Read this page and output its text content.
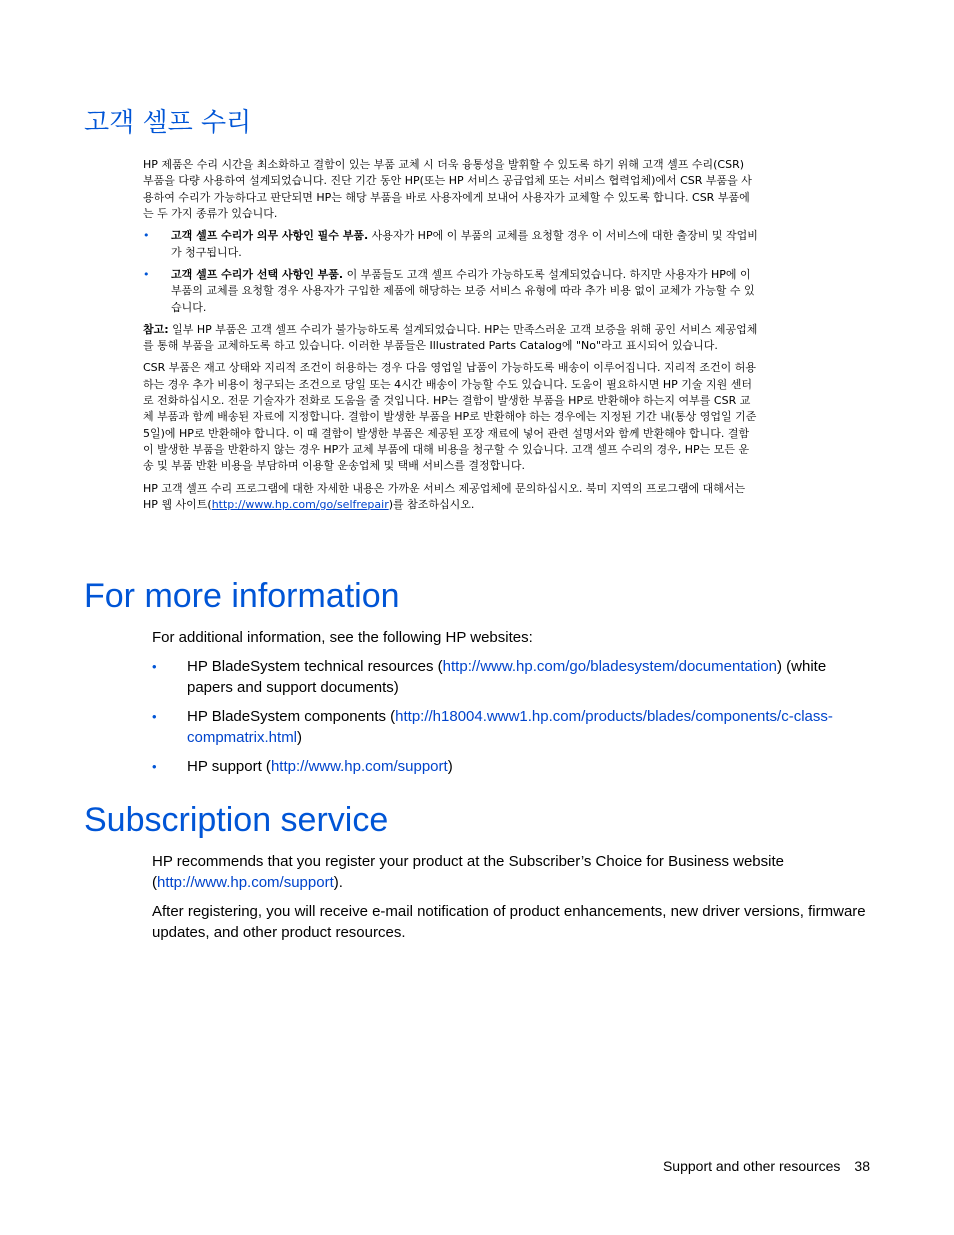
고객 셀프 수리

HP 제품은 수리 시간을 최소화하고 결함이 있는 부품 교체 시 더욱 융통성을 발휘할 수 있도록 하기 위해 고객 셀프 수리(CSR) 부품을 다량 사용하여 설계되었습니다. 진단 기간 동안 HP(또는 HP 서비스 공급업체 또는 서비스 협력업체)에서 CSR 부품을 사용하여 수리가 가능하다고 판단되면 HP는 해당 부품을 바로 사용자에게 보내어 사용자가 교체할 수 있도록 합니다. CSR 부품에는 두 가지 종류가 있습니다.

• 고객 셀프 수리가 의무 사항인 필수 부품. 사용자가 HP에 이 부품의 교체를 요청할 경우 이 서비스에 대한 출장비 및 작업비가 청구됩니다.
• 고객 셀프 수리가 선택 사항인 부품. 이 부품들도 고객 셀프 수리가 가능하도록 설계되었습니다. 하지만 사용자가 HP에 이 부품의 교체를 요청할 경우 사용자가 구입한 제품에 해당하는 보증 서비스 유형에 따라 추가 비용 없이 교체가 가능할 수 있습니다.

참고: 일부 HP 부품은 고객 셀프 수리가 불가능하도록 설계되었습니다. HP는 만족스러운 고객 보증을 위해 공인 서비스 제공업체를 통해 부품을 교체하도록 하고 있습니다. 이러한 부품들은 Illustrated Parts Catalog에 "No"라고 표시되어 있습니다.

CSR 부품은 재고 상태와 지리적 조건이 허용하는 경우 다음 영업일 납품이 가능하도록 배송이 이루어집니다. 지리적 조건이 허용하는 경우 추가 비용이 청구되는 조건으로 당일 또는 4시간 배송이 가능할 수도 있습니다. 도움이 필요하시면 HP 기술 지원 센터로 전화하십시오. 전문 기술자가 전화로 도움을 줄 것입니다. HP는 결함이 발생한 부품을 HP로 반환해야 하는지 여부를 CSR 교체 부품과 함께 배송된 자료에 지정합니다. 결함이 발생한 부품을 HP로 반환해야 하는 경우에는 지정된 기간 내(통상 영업일 기준 5일)에 HP로 반환해야 합니다. 이 때 결함이 발생한 부품은 제공된 포장 재료에 넣어 관련 설명서와 함께 반환해야 합니다. 결함이 발생한 부품을 반환하지 않는 경우 HP가 교체 부품에 대해 비용을 청구할 수 있습니다. 고객 셀프 수리의 경우, HP는 모든 운송 및 부품 반환 비용을 부담하며 이용할 운송업체 및 택배 서비스를 결정합니다.

HP 고객 셀프 수리 프로그램에 대한 자세한 내용은 가까운 서비스 제공업체에 문의하십시오. 북미 지역의 프로그램에 대해서는 HP 웹 사이트(http://www.hp.com/go/selfrepair)를 참조하십시오.

For more information

For additional information, see the following HP websites:

• HP BladeSystem technical resources (http://www.hp.com/go/bladesystem/documentation) (white papers and support documents)
• HP BladeSystem components (http://h18004.www1.hp.com/products/blades/components/c-class-compmatrix.html)
• HP support (http://www.hp.com/support)
Subscription service

HP recommends that you register your product at the Subscriber’s Choice for Business website (http://www.hp.com/support).

After registering, you will receive e-mail notification of product enhancements, new driver versions, firmware updates, and other product resources.

Support and other resources 38
